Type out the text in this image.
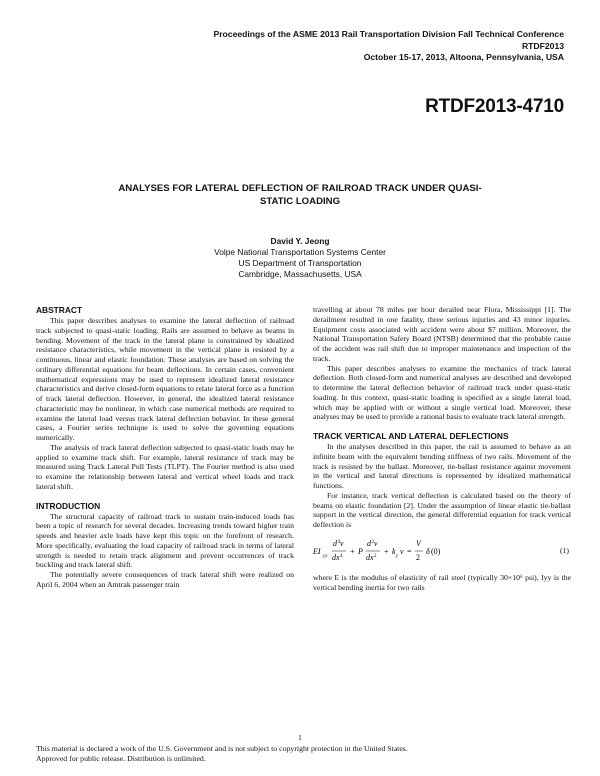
Proceedings of the ASME 2013 Rail Transportation Division Fall Technical Conference
RTDF2013
October 15-17, 2013, Altoona, Pennsylvania, USA
RTDF2013-4710
ANALYSES FOR LATERAL DEFLECTION OF RAILROAD TRACK UNDER QUASI-
STATIC LOADING
David Y. Jeong
Volpe National Transportation Systems Center
US Department of Transportation
Cambridge, Massachusetts, USA
ABSTRACT

This paper describes analyses to examine the lateral deflection of railroad track subjected to quasi-static loading. Rails are assumed to behave as beams in bending. Movement of the track in the lateral plane is constrained by idealized resistance characteristics, while movement in the vertical plane is resisted by a continuous, linear and elastic foundation. These analyses are based on solving the ordinary differential equations for beam deflections. In certain cases, convenient mathematical expressions may be used to represent idealized lateral resistance characteristics and derive closed-form equations to relate lateral force as a function of track lateral deflection. However, in general, the idealized lateral resistance characteristic may be nonlinear, in which case numerical methods are required to examine the lateral load versus track lateral deflection behavior. In these general cases, a Fourier series technique is used to solve the governing equations numerically.

The analysis of track lateral deflection subjected to quasi-static loads may be applied to examine track shift. For example, lateral resistance of track may be measured using Track Lateral Pull Tests (TLPT). The Fourier method is also used to examine the relationship between lateral and vertical wheel loads and track lateral shift.

INTRODUCTION

The structural capacity of railroad track to sustain train-induced loads has been a topic of research for several decades. Increasing trends toward higher train speeds and heavier axle loads have kept this topic on the forefront of research. More specifically, evaluating the load capacity of railroad track in terms of lateral strength is needed to retain track alignment and prevent occurrences of track buckling and track lateral shift.

The potentially severe consequences of track lateral shift were realized on April 6, 2004 when an Amtrak passenger train

travelling at about 78 miles per hour derailed near Flora, Mississippi [1]. The derailment resulted in one fatality, three serious injuries and 43 minor injuries. Equipment costs associated with accident were about $7 million. Moreover, the National Transportation Safety Board (NTSB) determined that the probable cause of the accident was rail shift due to improper maintenance and inspection of the track.

This paper describes analyses to examine the mechanics of track lateral deflection. Both closed-form and numerical analyses are described and developed to determine the lateral deflection behavior of railroad track under quasi-static loading. In this context, quasi-static loading is specified as a single lateral load, which may be applied with or without a single vertical load. Moreover, these analyses may be used to provide a rational basis to evaluate track lateral strength.

TRACK VERTICAL AND LATERAL DEFLECTIONS

In the analyses described in this paper, the rail is assumed to behave as an infinite beam with the equivalent bending stiffness of two rails. Movement of the track is resisted by the ballast. Moreover, tie-ballast resistance against movement in the vertical and lateral directions is represented by idealized mathematical functions.

For instance, track vertical deflection is calculated based on the theory of beams on elastic foundation [2]. Under the assumption of linear elastic tie-ballast support in the vertical direction, the general differential equation for track vertical deflection is

EI
yy
d 4 v
dx 4
+ P
d 2 v
dx 2
+ k
y
v =
V
2
δ (0)	(1)

where E is the modulus of elasticity of rail steel (typically 30×10⁶ psi), Iyy is the vertical bending inertia for two rails

1
This material is declared a work of the U.S. Government and is not subject to copyright protection in the United States.
Approved for public release. Distribution is unlimited.
